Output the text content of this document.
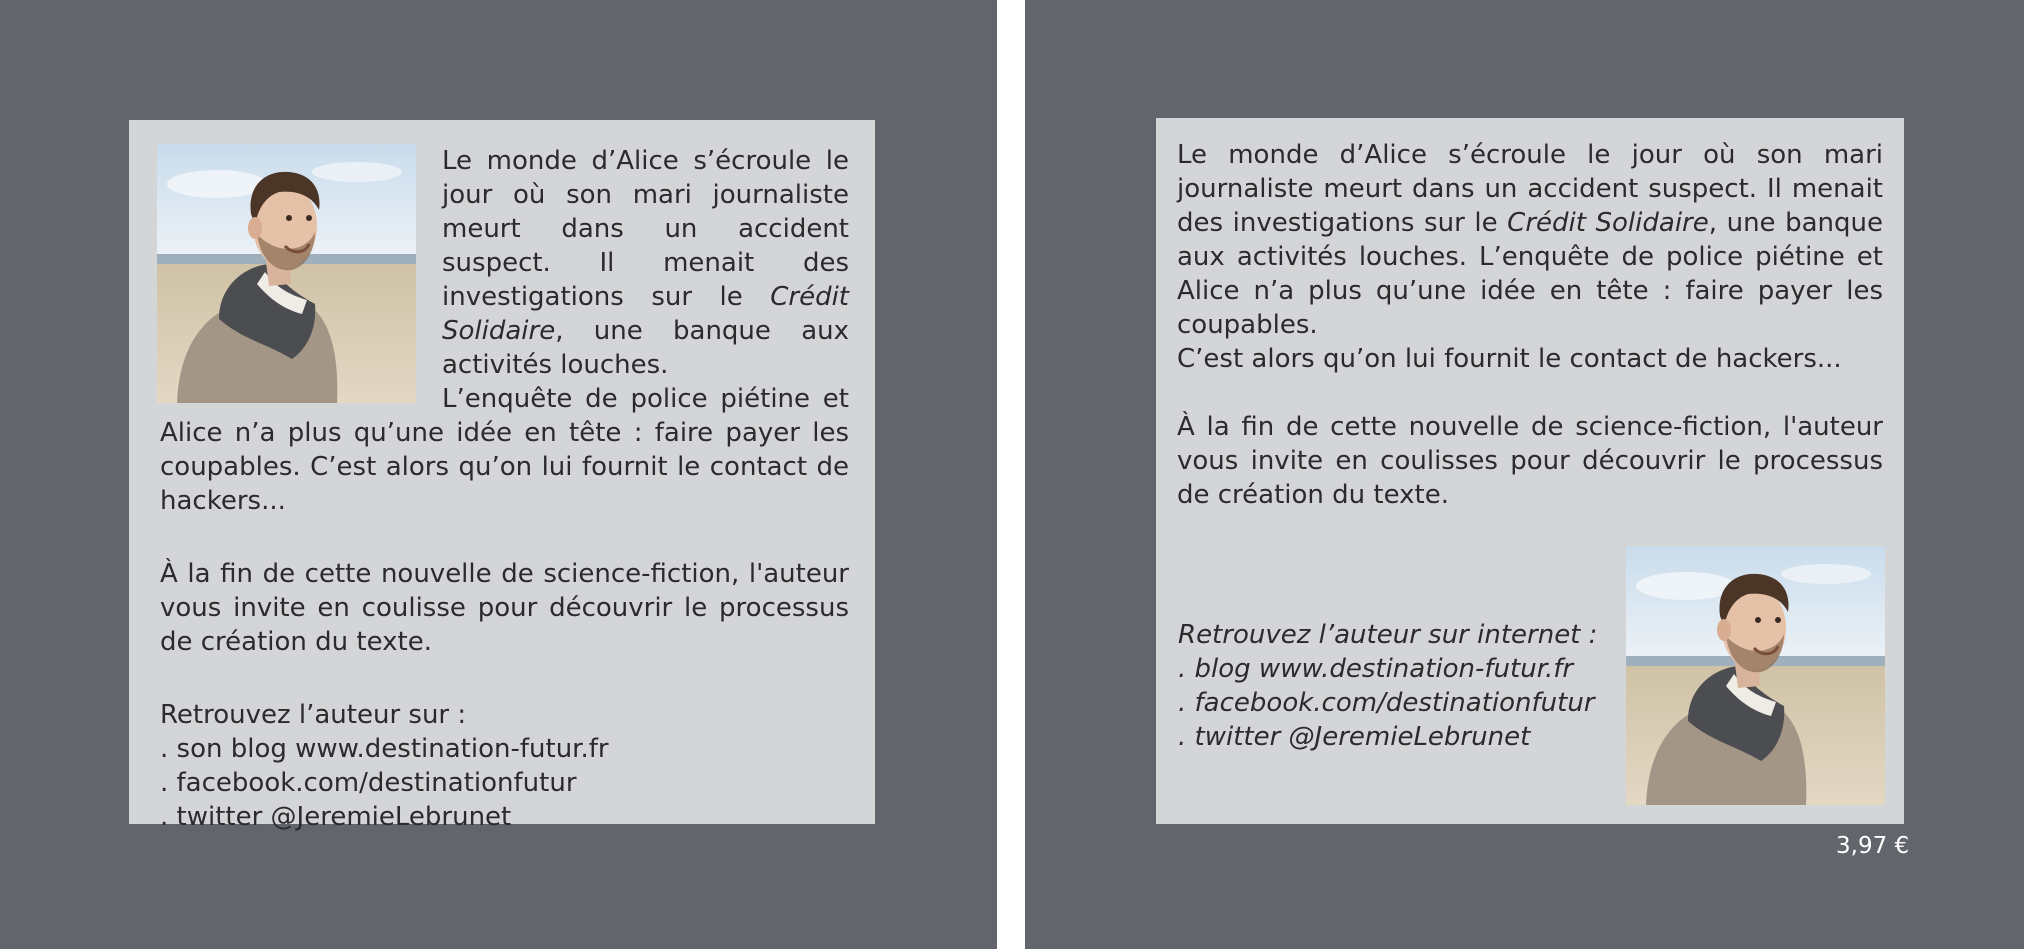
Le monde d’Alice s’écroule le jour où son mari journaliste meurt dans un accident suspect. Il menait des investigations sur le Crédit Solidaire, une banque aux activités louches.

L’enquête de police piétine et Alice n’a plus qu’une idée en tête : faire payer les coupables. C’est alors qu’on lui fournit le contact de hackers...

À la fin de cette nouvelle de science-fiction, l'auteur vous invite en coulisse pour découvrir le processus de création du texte.

Retrouvez l’auteur sur :
. son blog www.destination-futur.fr
. facebook.com/destinationfutur
. twitter @JeremieLebrunet

Le monde d’Alice s’écroule le jour où son mari journaliste meurt dans un accident suspect. Il menait des investigations sur le Crédit Solidaire, une banque aux activités louches. L’enquête de police piétine et Alice n’a plus qu’une idée en tête : faire payer les coupables.

C’est alors qu’on lui fournit le contact de hackers...

À la fin de cette nouvelle de science-fiction, l'auteur vous invite en coulisses pour découvrir le processus de création du texte.

Retrouvez l’auteur sur internet :
. blog www.destination-futur.fr
. facebook.com/destinationfutur
. twitter @JeremieLebrunet
3,97 €
